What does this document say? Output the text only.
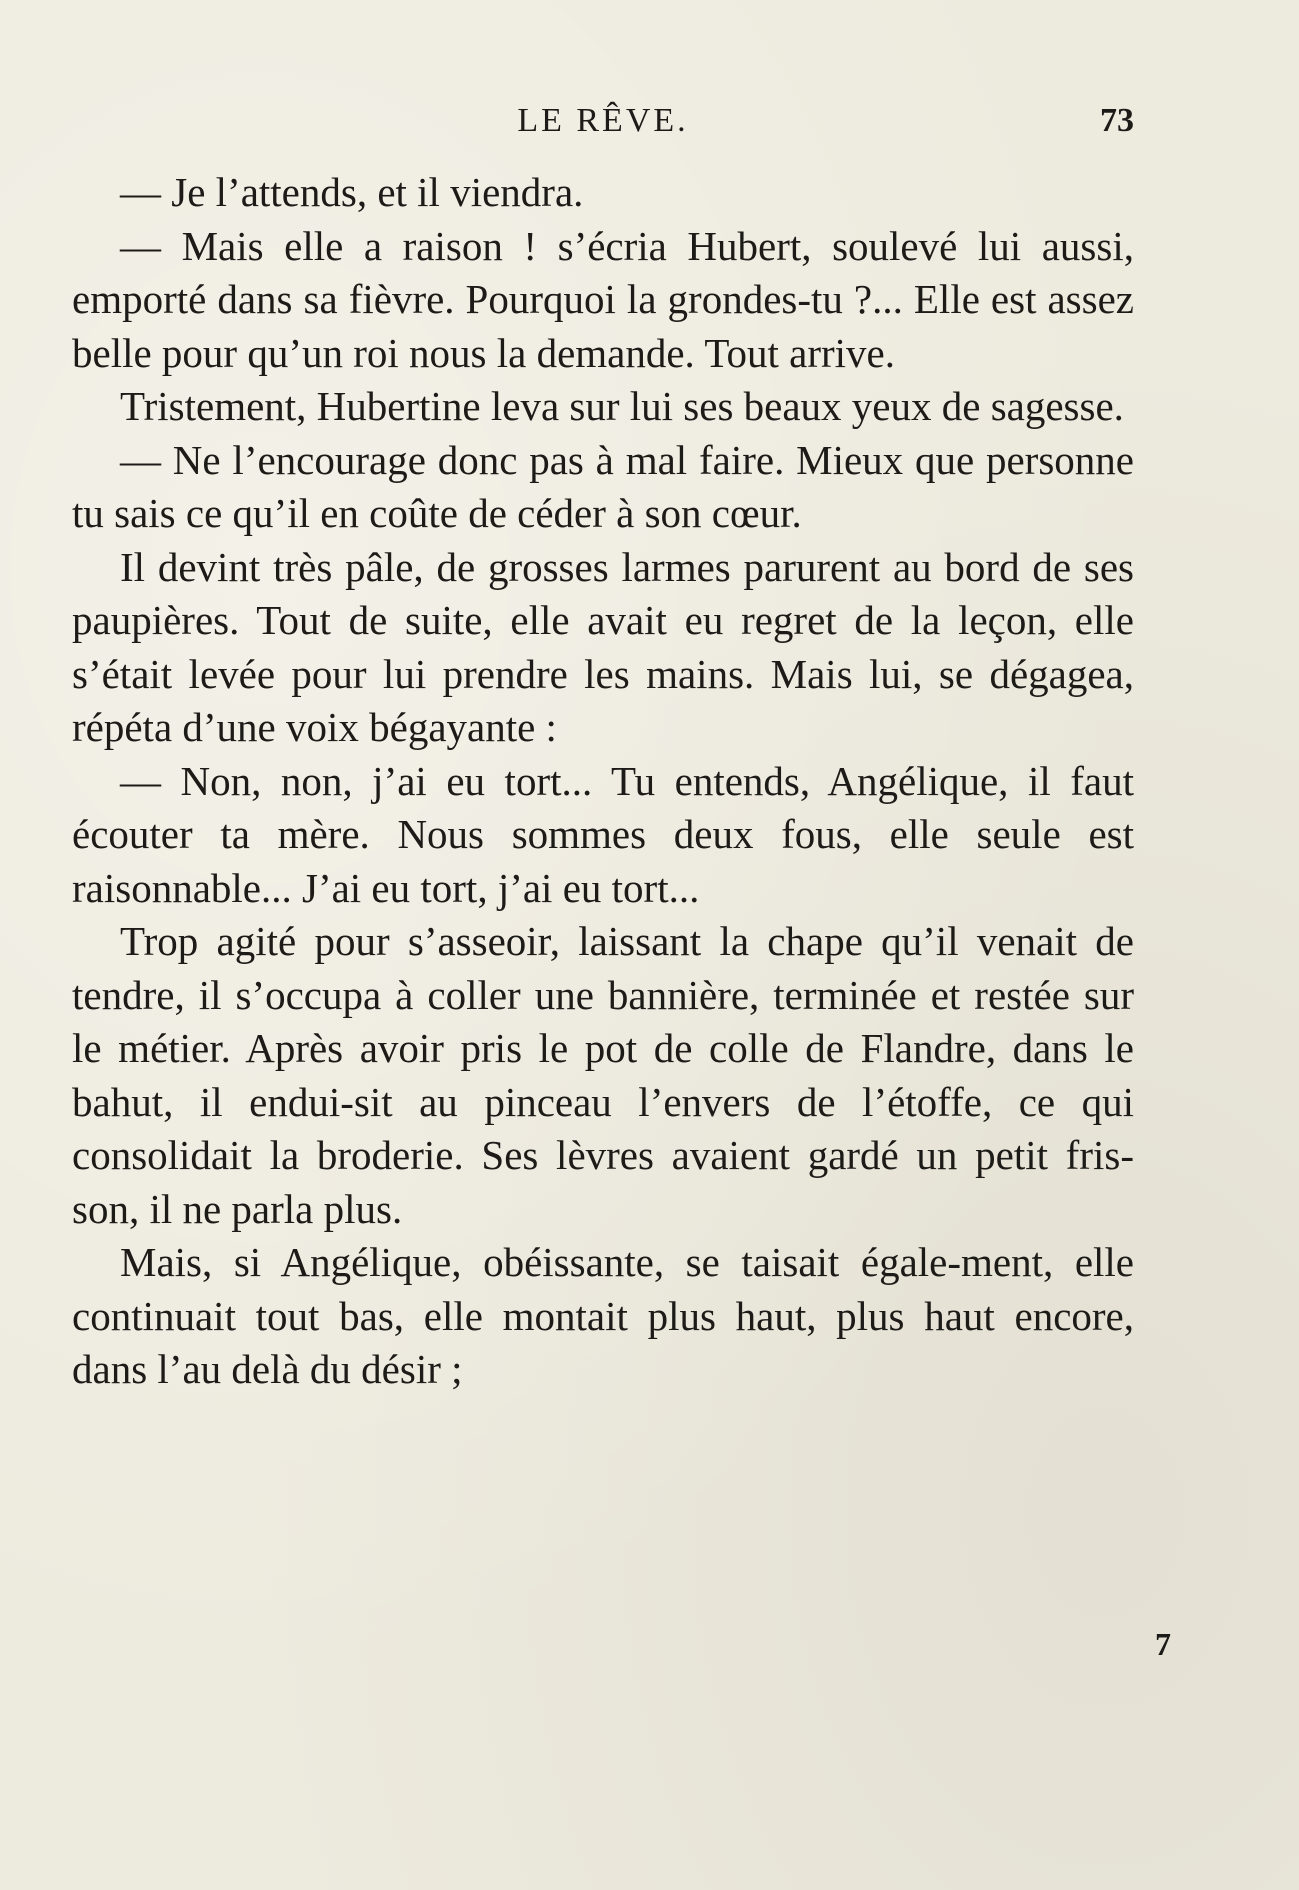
LE RÊVE.	73

— Je l’attends, et il viendra.

— Mais elle a raison ! s’écria Hubert, soulevé lui aussi, emporté dans sa fièvre. Pourquoi la grondes-tu ?... Elle est assez belle pour qu’un roi nous la demande. Tout arrive.

Tristement, Hubertine leva sur lui ses beaux yeux de sagesse.

— Ne l’encourage donc pas à mal faire. Mieux que personne tu sais ce qu’il en coûte de céder à son cœur.

Il devint très pâle, de grosses larmes parurent au bord de ses paupières. Tout de suite, elle avait eu regret de la leçon, elle s’était levée pour lui prendre les mains. Mais lui, se dégagea, répéta d’une voix bégayante :

— Non, non, j’ai eu tort... Tu entends, Angélique, il faut écouter ta mère. Nous sommes deux fous, elle seule est raisonnable... J’ai eu tort, j’ai eu tort...

Trop agité pour s’asseoir, laissant la chape qu’il venait de tendre, il s’occupa à coller une bannière, terminée et restée sur le métier. Après avoir pris le pot de colle de Flandre, dans le bahut, il endui-sit au pinceau l’envers de l’étoffe, ce qui consolidait la broderie. Ses lèvres avaient gardé un petit fris-son, il ne parla plus.

Mais, si Angélique, obéissante, se taisait égale-ment, elle continuait tout bas, elle montait plus haut, plus haut encore, dans l’au delà du désir ;

7
